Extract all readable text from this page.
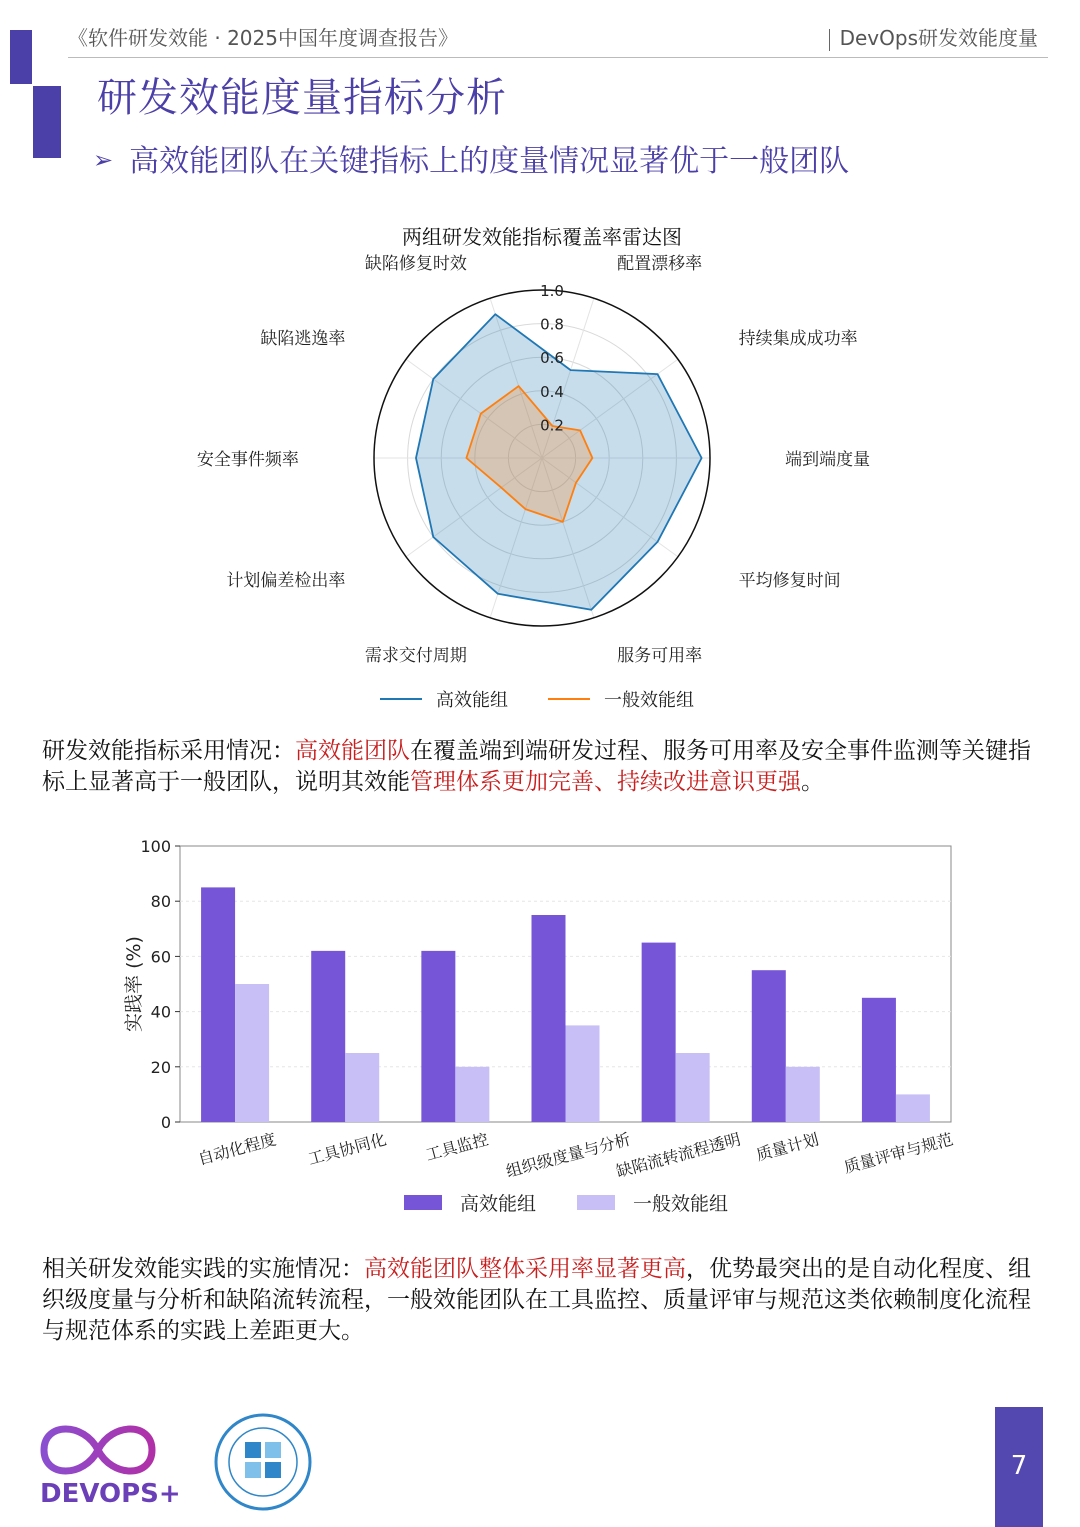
《软件研发效能 · 2025中国年度调查报告》	DevOps研发效能度量
研发效能度量指标分析
➢ 高效能团队在关键指标上的度量情况显著优于一般团队
两组研发效能指标覆盖率雷达图
0.2
0.4
0.6
0.8
1.0
配置漂移率
持续集成成功率
端到端度量
平均修复时间
服务可用率
需求交付周期
计划偏差检出率
安全事件频率
缺陷逃逸率
缺陷修复时效
高效能组	一般效能组
研发效能指标采用情况：高效能团队在覆盖端到端研发过程、服务可用率及安全事件监测等关键指标上显著高于一般团队，说明其效能管理体系更加完善、持续改进意识更强。
0
20
40
60
80
100
实践率 (%)
自动化程度 工具协同化 工具监控 组织级度量与分析
缺陷流转流程透明 质量计划 质量评审与规范
高效能组	一般效能组
相关研发效能实践的实施情况：高效能团队整体采用率显著更高，优势最突出的是自动化程度、组织级度量与分析和缺陷流转流程，一般效能团队在工具监控、质量评审与规范这类依赖制度化流程与规范体系的实践上差距更大。
DEVOPS+
7
